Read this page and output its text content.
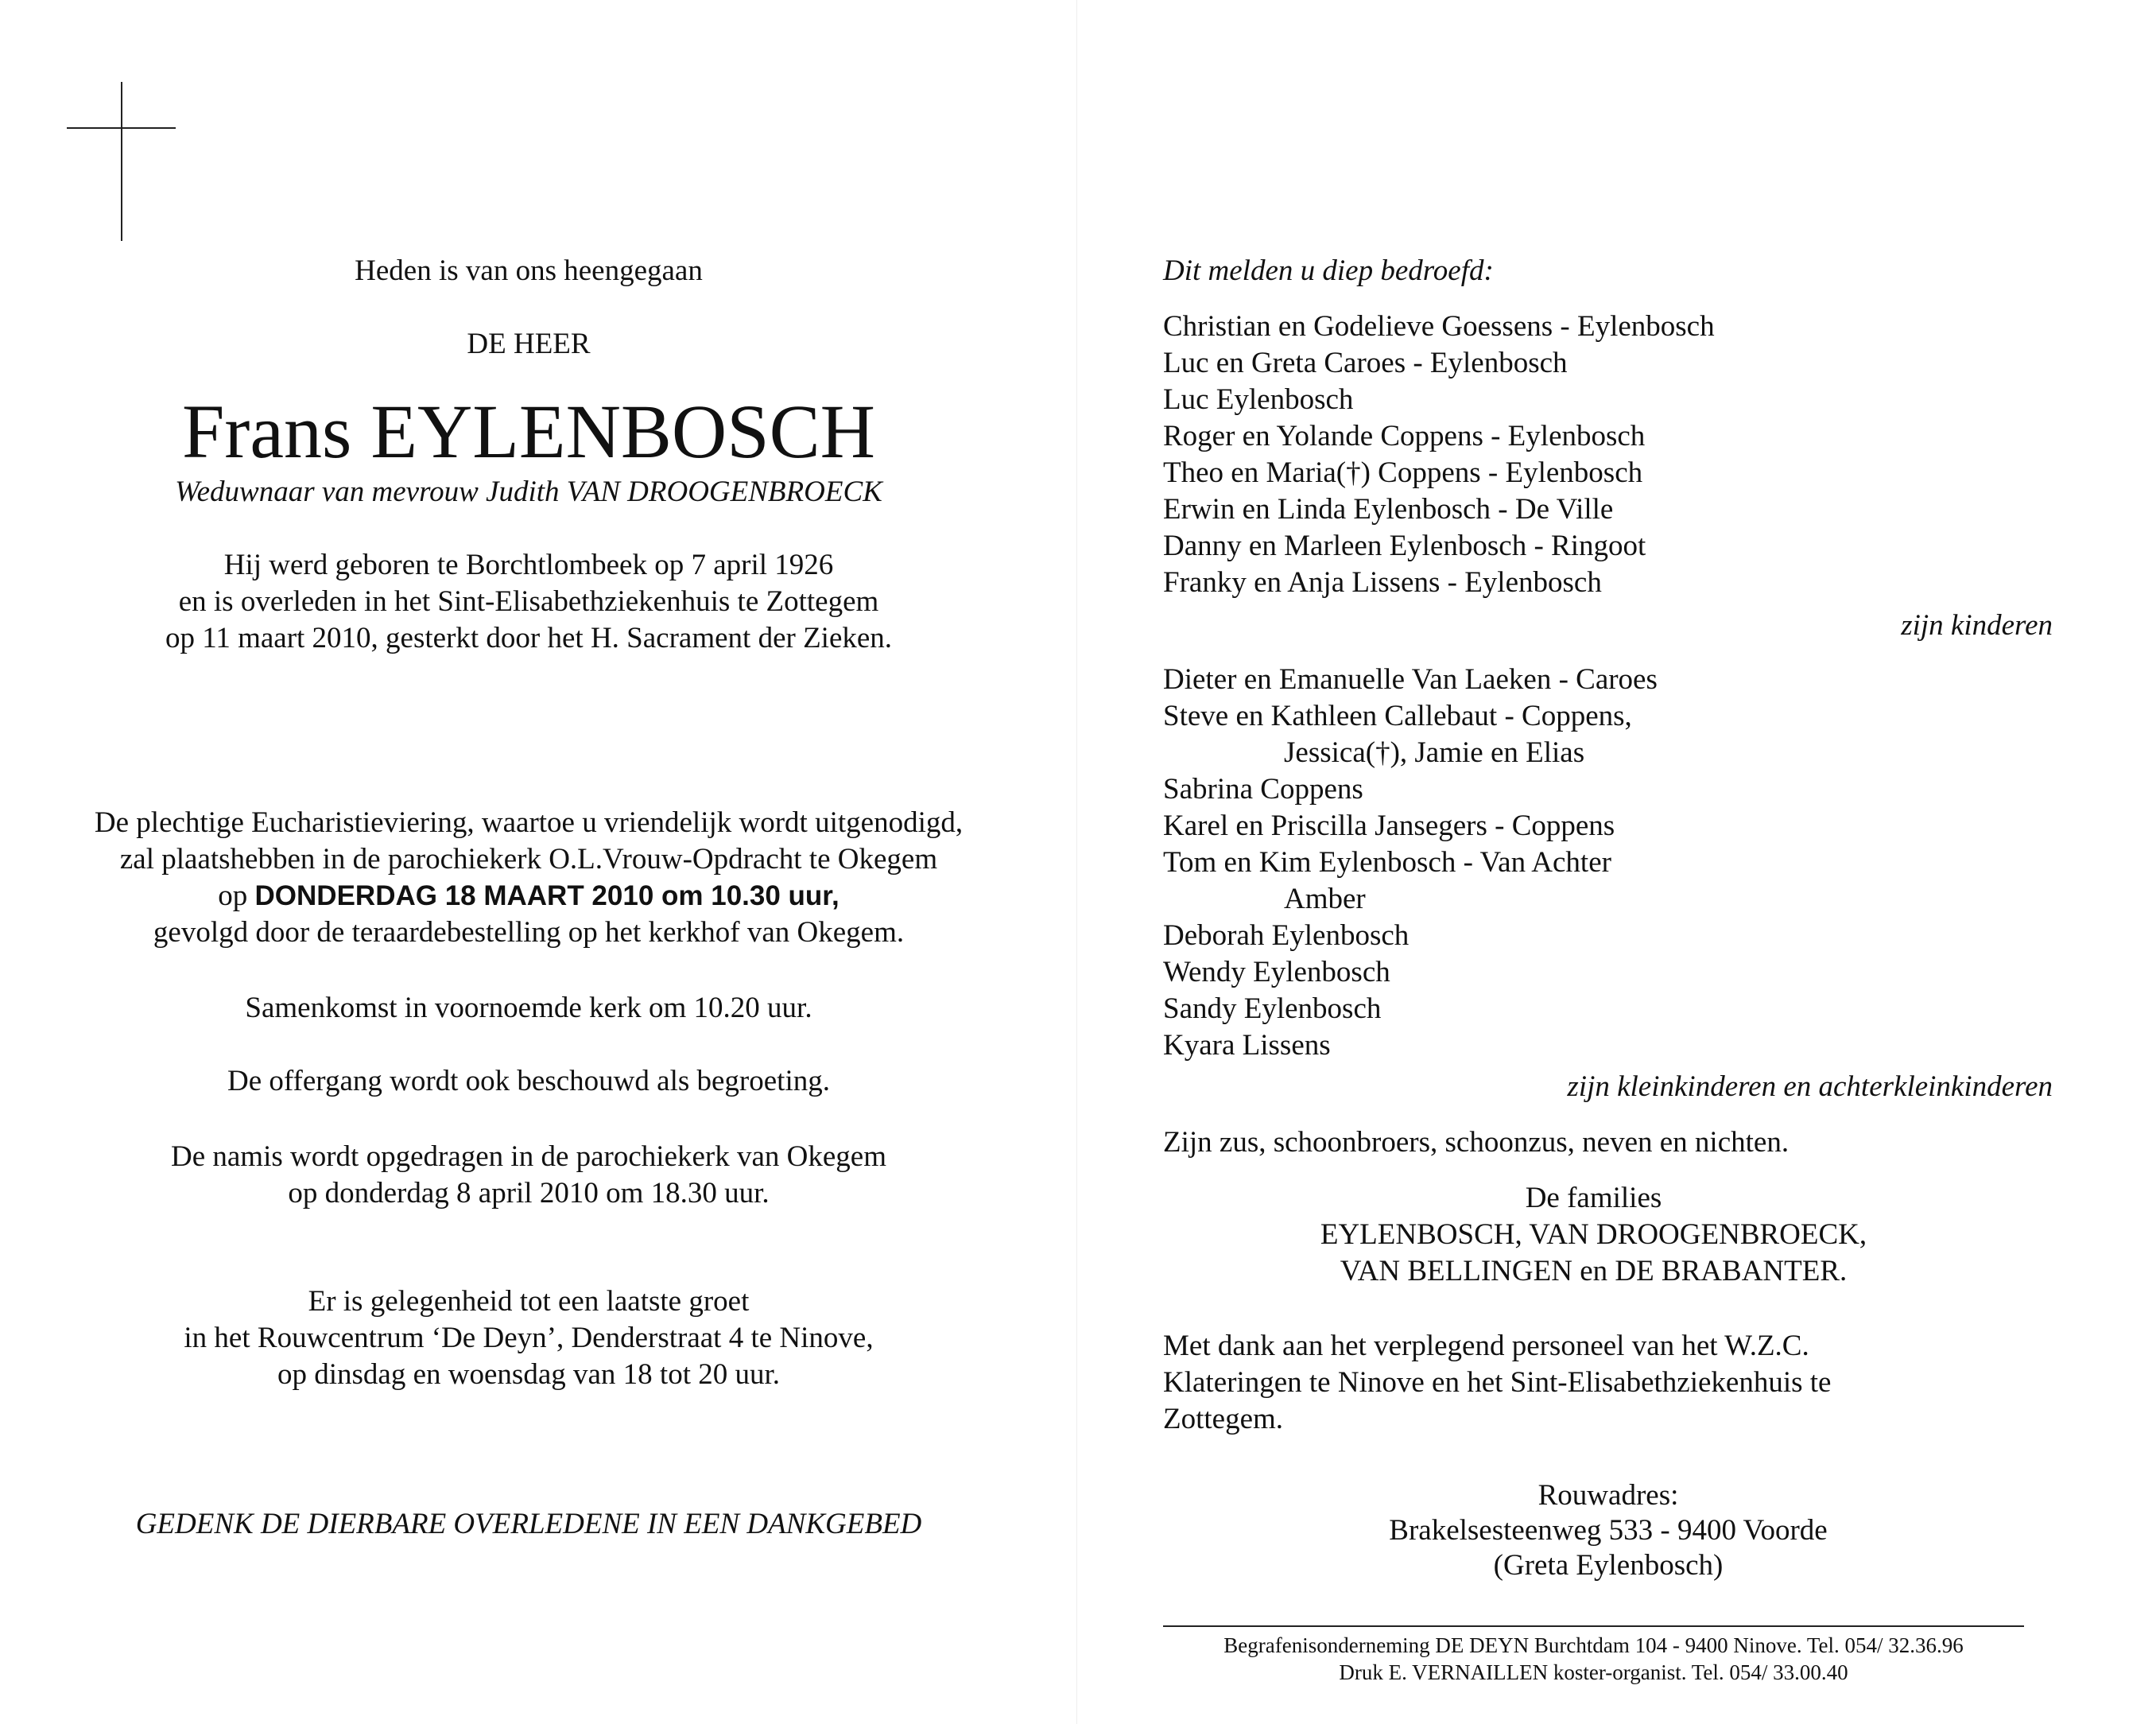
Heden is van ons heengegaan
DE HEER
Frans EYLENBOSCH
Weduwnaar van mevrouw Judith VAN DROOGENBROECK
Hij werd geboren te Borchtlombeek op 7 april 1926
en is overleden in het Sint-Elisabethziekenhuis te Zottegem
op 11 maart 2010, gesterkt door het H. Sacrament der Zieken.
De plechtige Eucharistieviering, waartoe u vriendelijk wordt uitgenodigd,
zal plaatshebben in de parochiekerk O.L.Vrouw-Opdracht te Okegem
op DONDERDAG 18 MAART 2010 om 10.30 uur,
gevolgd door de teraardebestelling op het kerkhof van Okegem.
Samenkomst in voornoemde kerk om 10.20 uur.
De offergang wordt ook beschouwd als begroeting.
De namis wordt opgedragen in de parochiekerk van Okegem
op donderdag 8 april 2010 om 18.30 uur.
Er is gelegenheid tot een laatste groet
in het Rouwcentrum ‘De Deyn’, Denderstraat 4 te Ninove,
op dinsdag en woensdag van 18 tot 20 uur.
GEDENK DE DIERBARE OVERLEDENE IN EEN DANKGEBED
Dit melden u diep bedroefd:
Christian en Godelieve Goessens - Eylenbosch
Luc en Greta Caroes - Eylenbosch
Luc Eylenbosch
Roger en Yolande Coppens - Eylenbosch
Theo en Maria(†) Coppens - Eylenbosch
Erwin en Linda Eylenbosch - De Ville
Danny en Marleen Eylenbosch - Ringoot
Franky en Anja Lissens - Eylenbosch
zijn kinderen
Dieter en Emanuelle Van Laeken - Caroes
Steve en Kathleen Callebaut - Coppens,
Jessica(†), Jamie en Elias
Sabrina Coppens
Karel en Priscilla Jansegers - Coppens
Tom en Kim Eylenbosch - Van Achter
Amber
Deborah Eylenbosch
Wendy Eylenbosch
Sandy Eylenbosch
Kyara Lissens
zijn kleinkinderen en achterkleinkinderen
Zijn zus, schoonbroers, schoonzus, neven en nichten.
De families
EYLENBOSCH, VAN DROOGENBROECK,
VAN BELLINGEN en DE BRABANTER.
Met dank aan het verplegend personeel van het W.Z.C.
Klateringen te Ninove en het Sint-Elisabethziekenhuis te
Zottegem.
Rouwadres:
Brakelsesteenweg 533 - 9400 Voorde
(Greta Eylenbosch)
Begrafenisonderneming DE DEYN Burchtdam 104 - 9400 Ninove. Tel. 054/ 32.36.96
Druk E. VERNAILLEN koster-organist. Tel. 054/ 33.00.40
